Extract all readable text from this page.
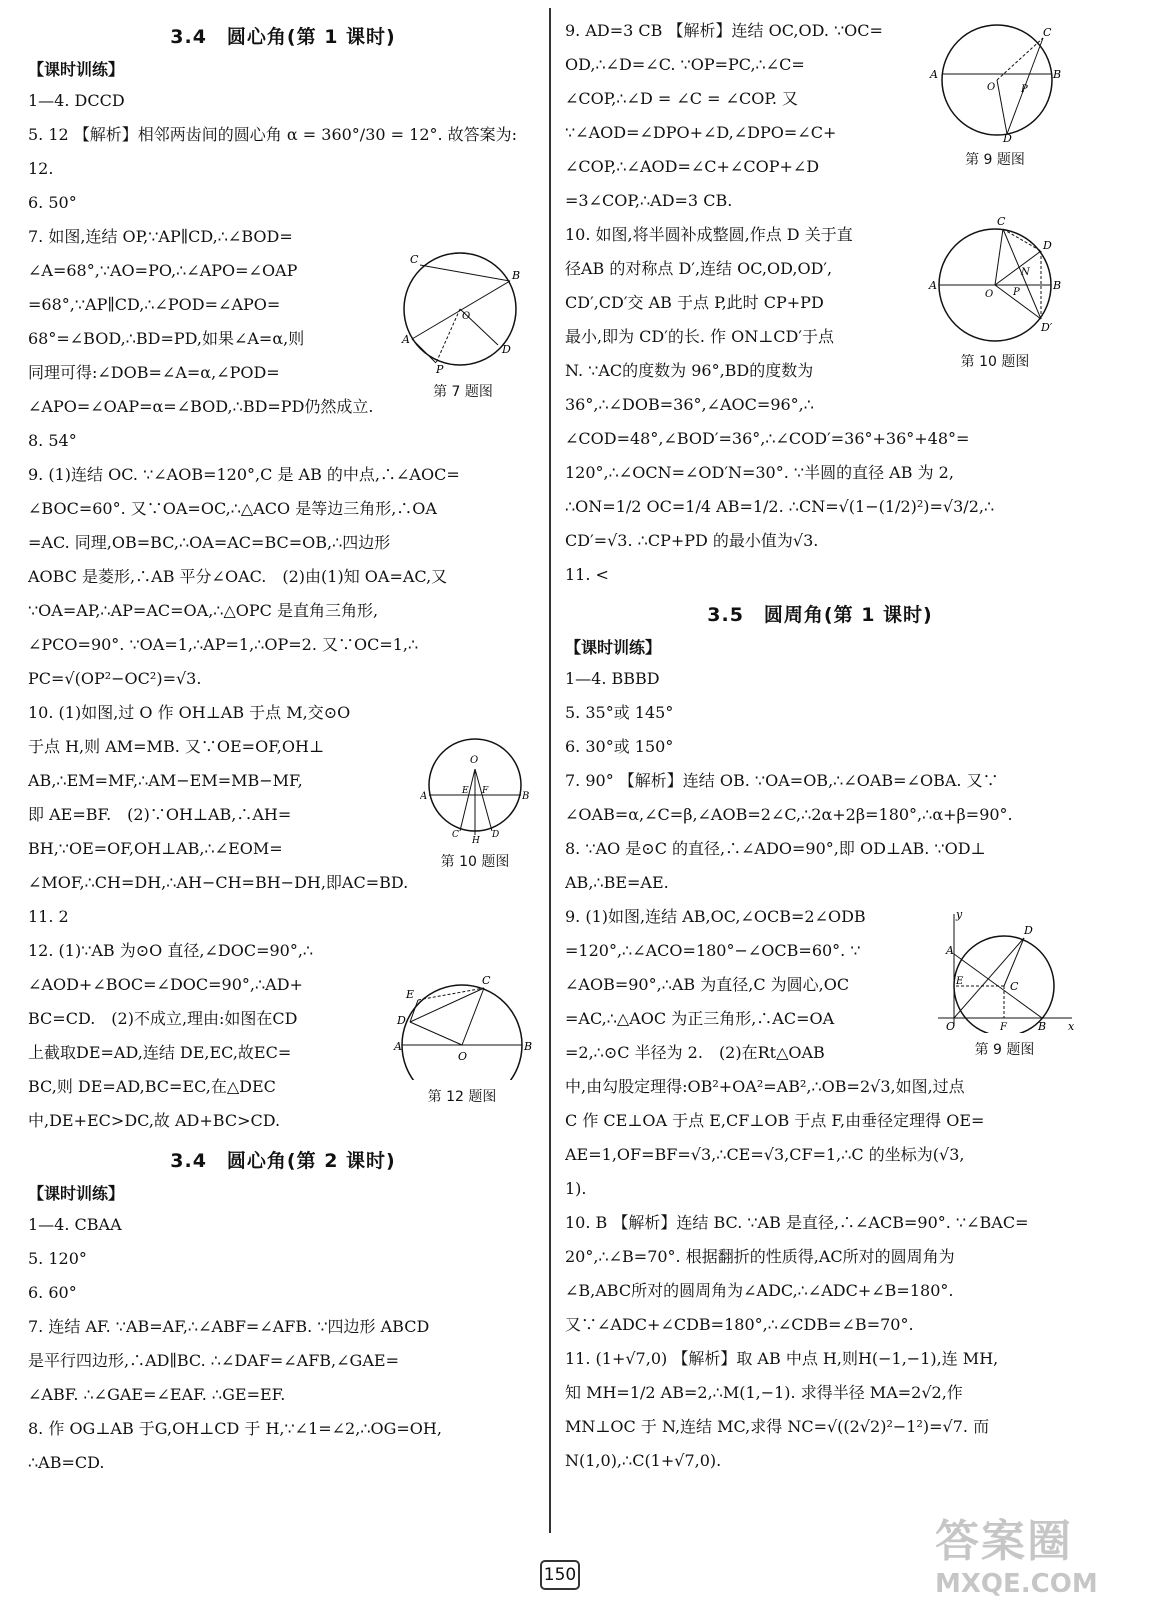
3.4　圆心角(第 1 课时)
【课时训练】
1—4. DCCD
5. 12 【解析】相邻两齿间的圆心角 α = 360°/30 = 12°. 故答案为:
12.
6. 50°
7. 如图,连结 OP,∵AP∥CD,∴∠BOD=
∠A=68°,∵AO=PO,∴∠APO=∠OAP
=68°,∵AP∥CD,∴∠POD=∠APO=
68°=∠BOD,∴BD=PD,如果∠A=α,则
同理可得:∠DOB=∠A=α,∠POD=
∠APO=∠OAP=α=∠BOD,∴BD=PD仍然成立.
8. 54°
9. (1)连结 OC. ∵∠AOB=120°,C 是 AB 的中点,∴∠AOC=
∠BOC=60°. 又∵OA=OC,∴△ACO 是等边三角形,∴OA
=AC. 同理,OB=BC,∴OA=AC=BC=OB,∴四边形
AOBC 是菱形,∴AB 平分∠OAC.　(2)由(1)知 OA=AC,又
∵OA=AP,∴AP=AC=OA,∴△OPC 是直角三角形,
∠PCO=90°. ∵OA=1,∴AP=1,∴OP=2. 又∵OC=1,∴
PC=√(OP²−OC²)=√3.
10. (1)如图,过 O 作 OH⊥AB 于点 M,交⊙O
于点 H,则 AM=MB. 又∵OE=OF,OH⊥
AB,∴EM=MF,∴AM−EM=MB−MF,
即 AE=BF.　(2)∵OH⊥AB,∴AH=
BH,∵OE=OF,OH⊥AB,∴∠EOM=
∠MOF,∴CH=DH,∴AH−CH=BH−DH,即AC=BD.
11. 2
12. (1)∵AB 为⊙O 直径,∠DOC=90°,∴
∠AOD+∠BOC=∠DOC=90°,∴AD+
BC=CD.　(2)不成立,理由:如图在CD
上截取DE=AD,连结 DE,EC,故EC=
BC,则 DE=AD,BC=EC,在△DEC
中,DE+EC>DC,故 AD+BC>CD.
3.4　圆心角(第 2 课时)
【课时训练】
1—4. CBAA
5. 120°
6. 60°
7. 连结 AF. ∵AB=AF,∴∠ABF=∠AFB. ∵四边形 ABCD
是平行四边形,∴AD∥BC. ∴∠DAF=∠AFB,∠GAE=
∠ABF. ∴∠GAE=∠EAF. ∴GE=EF.
8. 作 OG⊥AB 于G,OH⊥CD 于 H,∵∠1=∠2,∴OG=OH,
∴AB=CD.
C
B
A
D
P
O
第 7 题图
O
A	B
E F
C
H
D
第 10 题图
C
E
D
A	B
O
第 12 题图
9. AD=3 CB 【解析】连结 OC,OD. ∵OC=
OD,∴∠D=∠C. ∵OP=PC,∴∠C=
∠COP,∴∠D = ∠C = ∠COP. 又
∵∠AOD=∠DPO+∠D,∠DPO=∠C+
∠COP,∴∠AOD=∠C+∠COP+∠D
=3∠COP,∴AD=3 CB.
10. 如图,将半圆补成整圆,作点 D 关于直
径AB 的对称点 D′,连结 OC,OD,OD′,
CD′,CD′交 AB 于点 P,此时 CP+PD
最小,即为 CD′的长. 作 ON⊥CD′于点
N. ∵AC的度数为 96°,BD的度数为
36°,∴∠DOB=36°,∠AOC=96°,∴
∠COD=48°,∠BOD′=36°,∴∠COD′=36°+36°+48°=
120°,∴∠OCN=∠OD′N=30°. ∵半圆的直径 AB 为 2,
∴ON=1/2 OC=1/4 AB=1/2. ∴CN=√(1−(1/2)²)=√3/2,∴
CD′=√3. ∴CP+PD 的最小值为√3.
11. <
3.5　圆周角(第 1 课时)
【课时训练】
1—4. BBBD
5. 35°或 145°
6. 30°或 150°
7. 90° 【解析】连结 OB. ∵OA=OB,∴∠OAB=∠OBA. 又∵
∠OAB=α,∠C=β,∠AOB=2∠C,∴2α+2β=180°,∴α+β=90°.
8. ∵AO 是⊙C 的直径,∴∠ADO=90°,即 OD⊥AB. ∵OD⊥
AB,∴BE=AE.
9. (1)如图,连结 AB,OC,∠OCB=2∠ODB
=120°,∴∠ACO=180°−∠OCB=60°. ∵
∠AOB=90°,∴AB 为直径,C 为圆心,OC
=AC,∴△AOC 为正三角形,∴AC=OA
=2,∴⊙C 半径为 2.　(2)在Rt△OAB
中,由勾股定理得:OB²+OA²=AB²,∴OB=2√3,如图,过点
C 作 CE⊥OA 于点 E,CF⊥OB 于点 F,由垂径定理得 OE=
AE=1,OF=BF=√3,∴CE=√3,CF=1,∴C 的坐标为(√3,
1).
10. B 【解析】连结 BC. ∵AB 是直径,∴∠ACB=90°. ∵∠BAC=
20°,∴∠B=70°. 根据翻折的性质得,AC所对的圆周角为
∠B,ABC所对的圆周角为∠ADC,∴∠ADC+∠B=180°.
又∵∠ADC+∠CDB=180°,∴∠CDB=∠B=70°.
11. (1+√7,0) 【解析】取 AB 中点 H,则H(−1,−1),连 MH,
知 MH=1/2 AB=2,∴M(1,−1). 求得半径 MA=2√2,作
MN⊥OC 于 N,连结 MC,求得 NC=√((2√2)²−1²)=√7. 而
N(1,0),∴C(1+√7,0).
C
A	B
O	P
D
第 9 题图
C
D
A	B
O P
N
D′
第 10 题图
y
x
D
A
E	C
O	F	B
第 9 题图
150
答案圈
MXQE.COM
